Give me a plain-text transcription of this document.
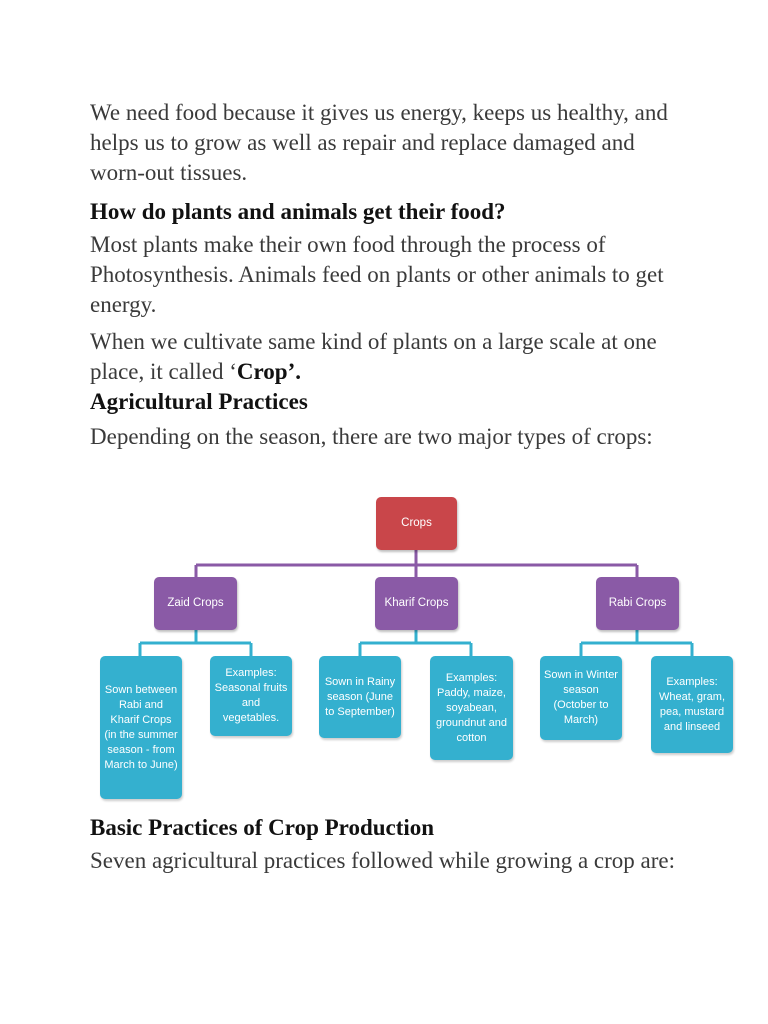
We need food because it gives us energy, keeps us healthy, and helps us to grow as well as repair and replace damaged and worn-out tissues.

How do plants and animals get their food?

Most plants make their own food through the process of Photosynthesis. Animals feed on plants or other animals to get energy.

When we cultivate same kind of plants on a large scale at one place, it called ‘Crop’.
Agricultural Practices

Depending on the season, there are two major types of crops:

Crops
Zaid Crops	Kharif Crops	Rabi Crops
Sown between Rabi and Kharif Crops (in the summer season - from March to June)
Examples: Seasonal fruits and vegetables.
Sown in Rainy season (June to September)
Examples: Paddy, maize, soyabean, groundnut and cotton
Sown in Winter season (October to March)
Examples: Wheat, gram, pea, mustard and linseed
Basic Practices of Crop Production

Seven agricultural practices followed while growing a crop are:
